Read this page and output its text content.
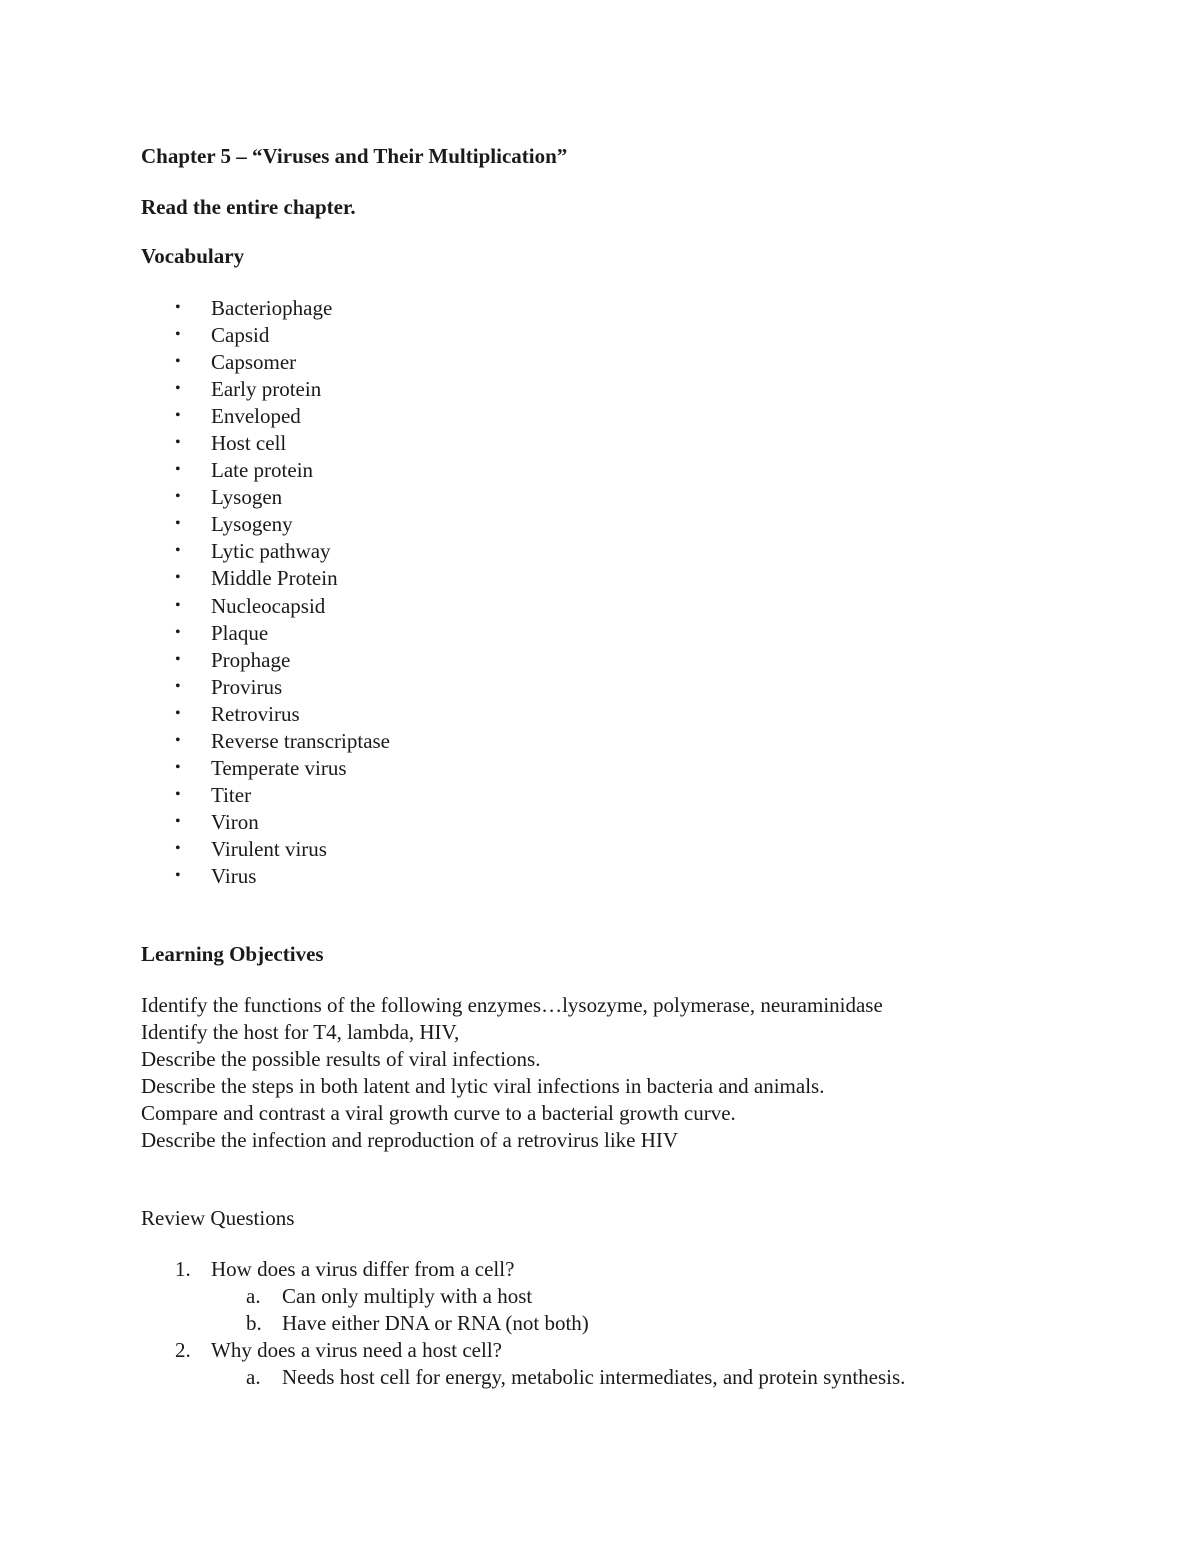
Chapter 5 – “Viruses and Their Multiplication”
Read the entire chapter.
Vocabulary
• Bacteriophage
• Capsid
• Capsomer
• Early protein
• Enveloped
• Host cell
• Late protein
• Lysogen
• Lysogeny
• Lytic pathway
• Middle Protein
• Nucleocapsid
• Plaque
• Prophage
• Provirus
• Retrovirus
• Reverse transcriptase
• Temperate virus
• Titer
• Viron
• Virulent virus
• Virus
Learning Objectives
Identify the functions of the following enzymes…lysozyme, polymerase, neuraminidase
Identify the host for T4, lambda, HIV,
Describe the possible results of viral infections.
Describe the steps in both latent and lytic viral infections in bacteria and animals.
Compare and contrast a viral growth curve to a bacterial growth curve.
Describe the infection and reproduction of a retrovirus like HIV
Review Questions
1. How does a virus differ from a cell?
a. Can only multiply with a host
b. Have either DNA or RNA (not both)
2. Why does a virus need a host cell?
a. Needs host cell for energy, metabolic intermediates, and protein synthesis.
